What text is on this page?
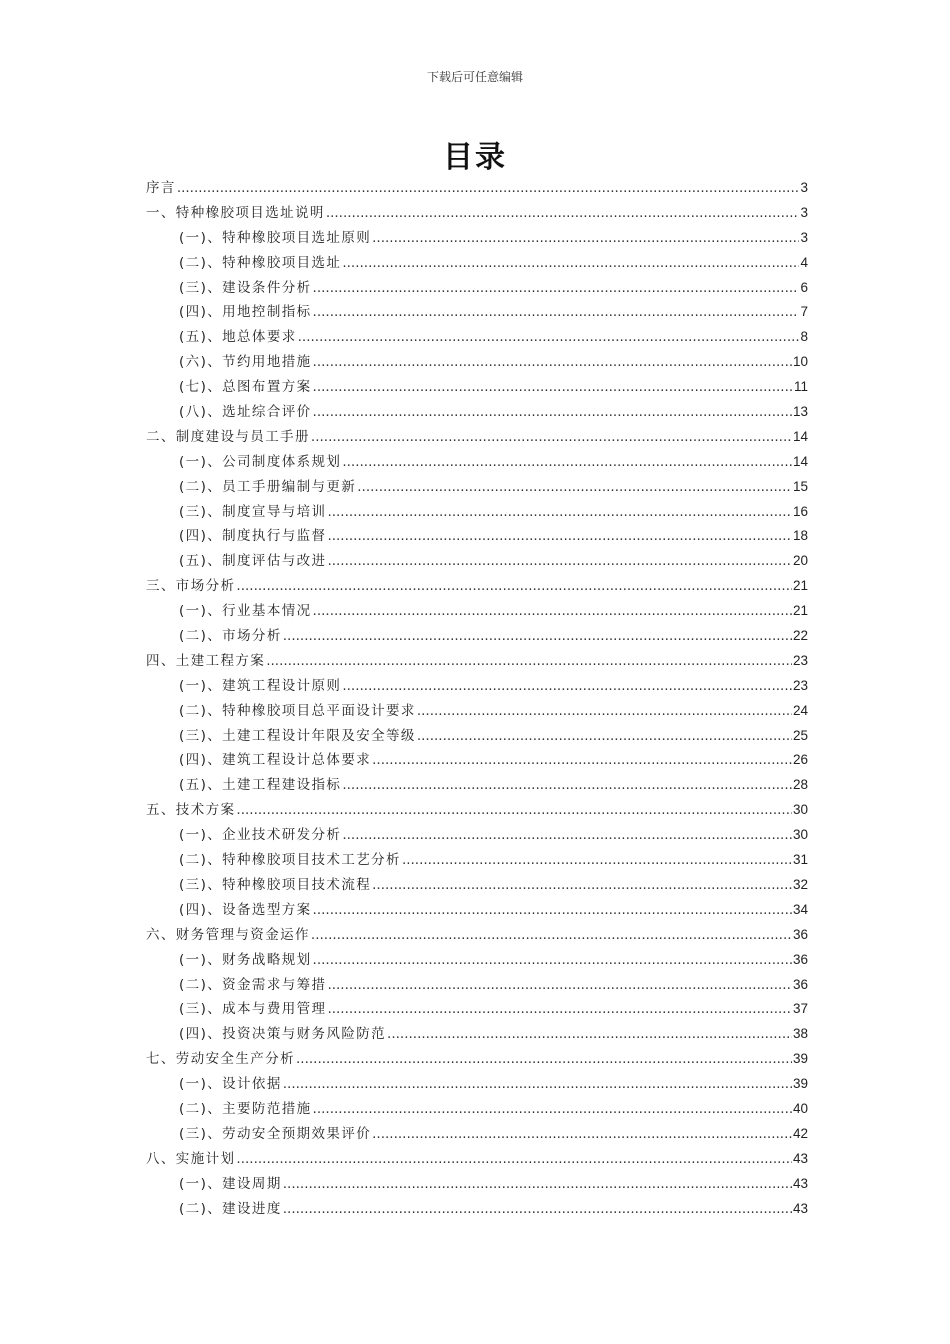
下载后可任意编辑
目录
序言 .....	3
一、特种橡胶项目选址说明 .....	3
(一)、特种橡胶项目选址原则 .....	3
(二)、特种橡胶项目选址 .....	4
(三)、建设条件分析 .....	6
(四)、用地控制指标 .....	7
(五)、地总体要求 .....	8
(六)、节约用地措施 .....	10
(七)、总图布置方案 .....	11
(八)、选址综合评价 .....	13
二、制度建设与员工手册 .....	14
(一)、公司制度体系规划 .....	14
(二)、员工手册编制与更新 .....	15
(三)、制度宣导与培训 .....	16
(四)、制度执行与监督 .....	18
(五)、制度评估与改进 .....	20
三、市场分析 .....	21
(一)、行业基本情况 .....	21
(二)、市场分析 .....	22
四、土建工程方案 .....	23
(一)、建筑工程设计原则 .....	23
(二)、特种橡胶项目总平面设计要求 .....	24
(三)、土建工程设计年限及安全等级 .....	25
(四)、建筑工程设计总体要求 .....	26
(五)、土建工程建设指标 .....	28
五、技术方案 .....	30
(一)、企业技术研发分析 .....	30
(二)、特种橡胶项目技术工艺分析 .....	31
(三)、特种橡胶项目技术流程 .....	32
(四)、设备选型方案 .....	34
六、财务管理与资金运作 .....	36
(一)、财务战略规划 .....	36
(二)、资金需求与筹措 .....	36
(三)、成本与费用管理 .....	37
(四)、投资决策与财务风险防范 .....	38
七、劳动安全生产分析 .....	39
(一)、设计依据 .....	39
(二)、主要防范措施 .....	40
(三)、劳动安全预期效果评价 .....	42
八、实施计划 .....	43
(一)、建设周期 .....	43
(二)、建设进度 .....	43
